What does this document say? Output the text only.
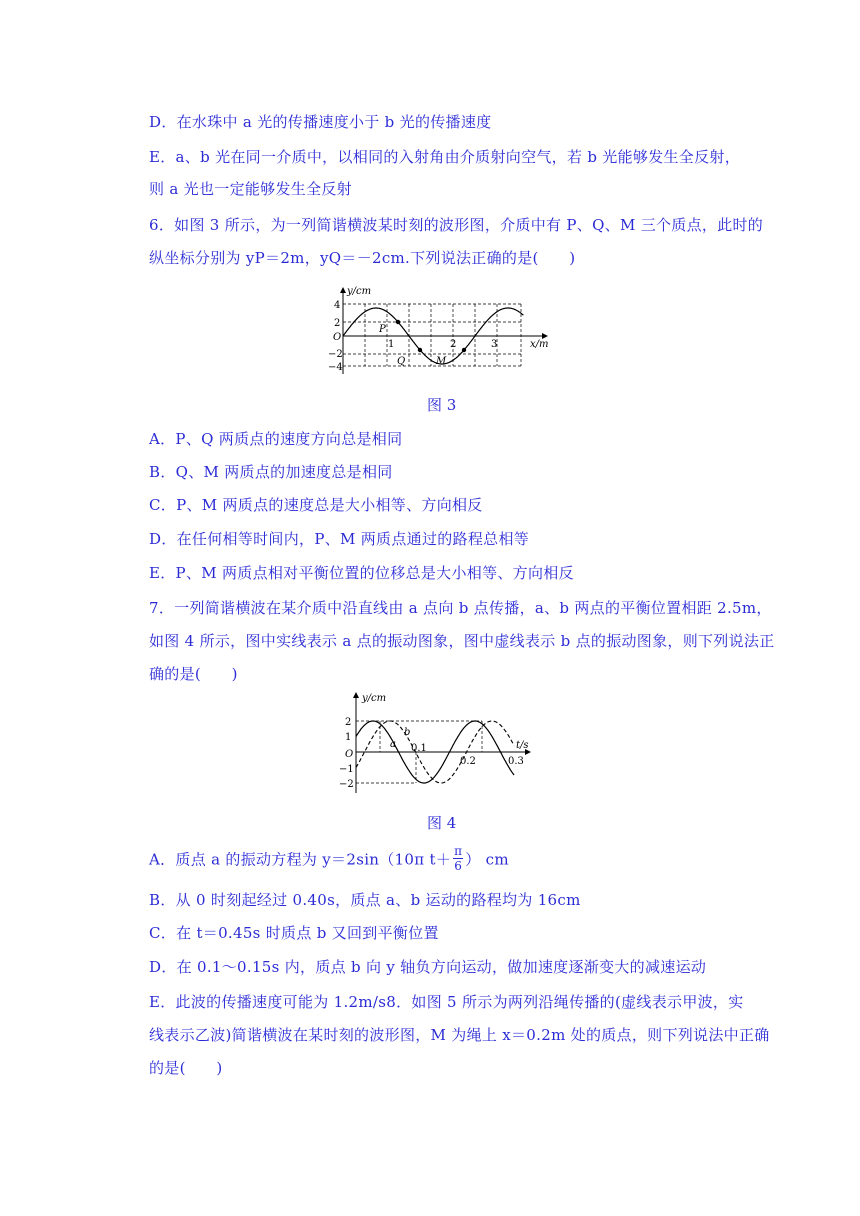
D．在水珠中 a 光的传播速度小于 b 光的传播速度
E．a、b 光在同一介质中，以相同的入射角由介质射向空气，若 b 光能够发生全反射，
则 a 光也一定能够发生全反射
6．如图 3 所示，为一列简谐横波某时刻的波形图，介质中有 P、Q、M 三个质点，此时的
纵坐标分别为 yP＝2m，yQ＝－2cm.下列说法正确的是(　　)
y/cm
x/m
O
4
2
−2
−4
1	2	3
P
Q	M
图 3
A．P、Q 两质点的速度方向总是相同
B．Q、M 两质点的加速度总是相同
C．P、M 两质点的速度总是大小相等、方向相反
D．在任何相等时间内，P、M 两质点通过的路程总相等
E．P、M 两质点相对平衡位置的位移总是大小相等、方向相反
7．一列简谐横波在某介质中沿直线由 a 点向 b 点传播，a、b 两点的平衡位置相距 2.5m，
如图 4 所示，图中实线表示 a 点的振动图象，图中虚线表示 b 点的振动图象，则下列说法正
确的是(　　)
y/cm
t/s
O
2
1
−1
−2
0.1
0.2	0.3
a
b
图 4
A．质点 a 的振动方程为 y＝2sin（10π $t+ \frac{\pi}{6}$ ） cm
B．从 0 时刻起经过 0.40s，质点 a、b 运动的路程均为 16cm
C．在 t＝0.45s 时质点 b 又回到平衡位置
D．在 0.1～0.15s 内，质点 b 向 y 轴负方向运动，做加速度逐渐变大的减速运动
E．此波的传播速度可能为 1.2m/s8．如图 5 所示为两列沿绳传播的(虚线表示甲波，实
线表示乙波)简谐横波在某时刻的波形图，M 为绳上 x＝0.2m 处的质点，则下列说法中正确
的是(　　)
